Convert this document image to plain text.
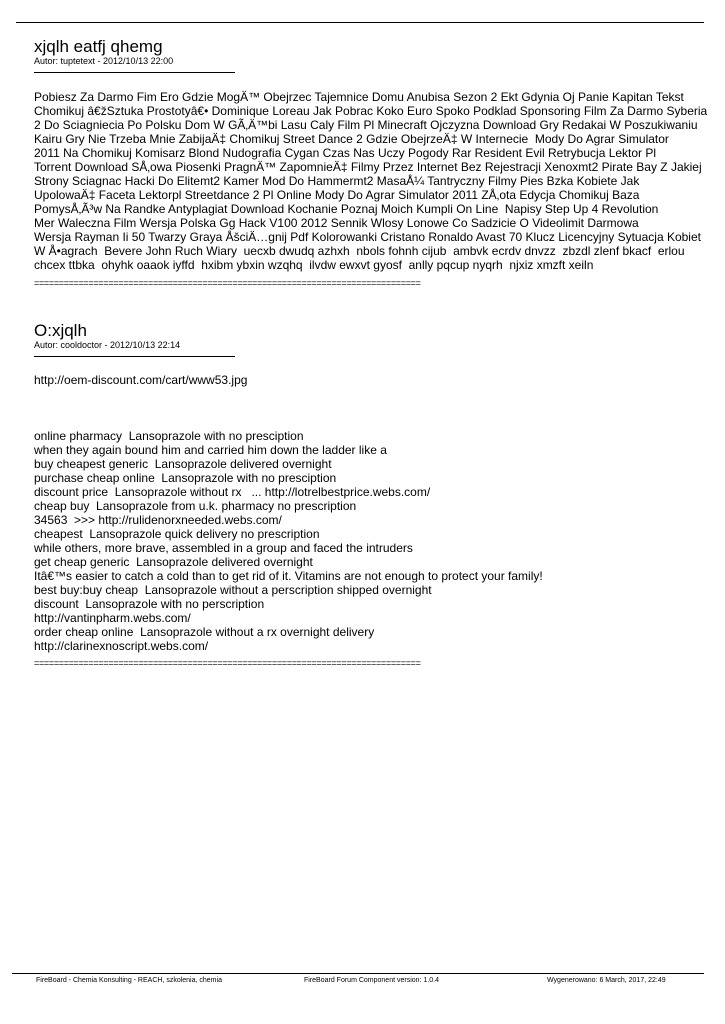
xjqlh eatfj qhemg

Autor: tuptetext - 2012/10/13 22:00

Pobiesz Za Darmo Fim Ero Gdzie MogÄ™ Obejrzec Tajemnice Domu Anubisa Sezon 2 Ekt Gdynia Oj Panie Kapitan Tekst
Chomikuj â€žSztuka Prostotyâ€• Dominique Loreau Jak Pobrac Koko Euro Spoko Podklad Sponsoring Film Za Darmo Syberia
2 Do Sciagniecia Po Polsku Dom W GÃ‚Ä™bi Lasu Caly Film Pl Minecraft Ojczyzna Download Gry Redakai W Poszukiwaniu
Kairu Gry Nie Trzeba Mnie ZabijaÄ‡ Chomikuj Street Dance 2 Gdzie ObejrzeÄ‡ W Internecie  Mody Do Agrar Simulator
2011 Na Chomikuj Komisarz Blond Nudografia Cygan Czas Nas Uczy Pogody Rar Resident Evil Retrybucja Lektor Pl
Torrent Download SÅ‚owa Piosenki PragnÄ™ ZapomnieÄ‡ Filmy Przez Internet Bez Rejestracji Xenoxmt2 Pirate Bay Z Jakiej
Strony Sciagnac Hacki Do Elitemt2 Kamer Mod Do Hammermt2 MasaÅ¼ Tantryczny Filmy Pies Bzka Kobiete Jak
UpolowaÄ‡ Faceta Lektorpl Streetdance 2 Pl Online Mody Do Agrar Simulator 2011 ZÅ‚ota Edycja Chomikuj Baza
PomysÅ‚Ã³w Na Randke Antyplagiat Download Kochanie Poznaj Moich Kumpli On Line  Napisy Step Up 4 Revolution
Mer Waleczna Film Wersja Polska Gg Hack V100 2012 Sennik Wlosy Lonowe Co Sadzicie O Videolimit Darmowa
Wersja Rayman Ii 50 Twarzy Graya ÅšciÄ…gnij Pdf Kolorowanki Cristano Ronaldo Avast 70 Klucz Licencyjny Sytuacja Kobiet
W Å•agrach  Bevere John Ruch Wiary  uecxb dwudq azhxh  nbols fohnh cijub  ambvk ecrdv dnvzz  zbzdl zlenf bkacf  erlou
chcex ttbka  ohyhk oaaok iyffd  hxibm ybxin wzqhq  ilvdw ewxvt gyosf  anlly pqcup nyqrh  njxiz xmzft xeiln

==============================================================================
O:xjqlh

Autor: cooldoctor - 2012/10/13 22:14

http://oem-discount.com/cart/www53.jpg

online pharmacy  Lansoprazole with no presciption
when they again bound him and carried him down the ladder like a
buy cheapest generic  Lansoprazole delivered overnight
purchase cheap online  Lansoprazole with no presciption
discount price  Lansoprazole without rx   ... http://lotrelbestprice.webs.com/
cheap buy  Lansoprazole from u.k. pharmacy no prescription
34563  >>> http://rulidenorxneeded.webs.com/
cheapest  Lansoprazole quick delivery no prescription
while others, more brave, assembled in a group and faced the intruders
get cheap generic  Lansoprazole delivered overnight
Itâ€™s easier to catch a cold than to get rid of it. Vitamins are not enough to protect your family!
best buy:buy cheap  Lansoprazole without a perscription shipped overnight
discount  Lansoprazole with no perscription
http://vantinpharm.webs.com/
order cheap online  Lansoprazole without a rx overnight delivery
http://clarinexnoscript.webs.com/

==============================================================================
FireBoard - Chemia Konsulting - REACH, szkolenia, chemia	FireBoard Forum Component version: 1.0.4	Wygenerowano: 6 March, 2017, 22:49
